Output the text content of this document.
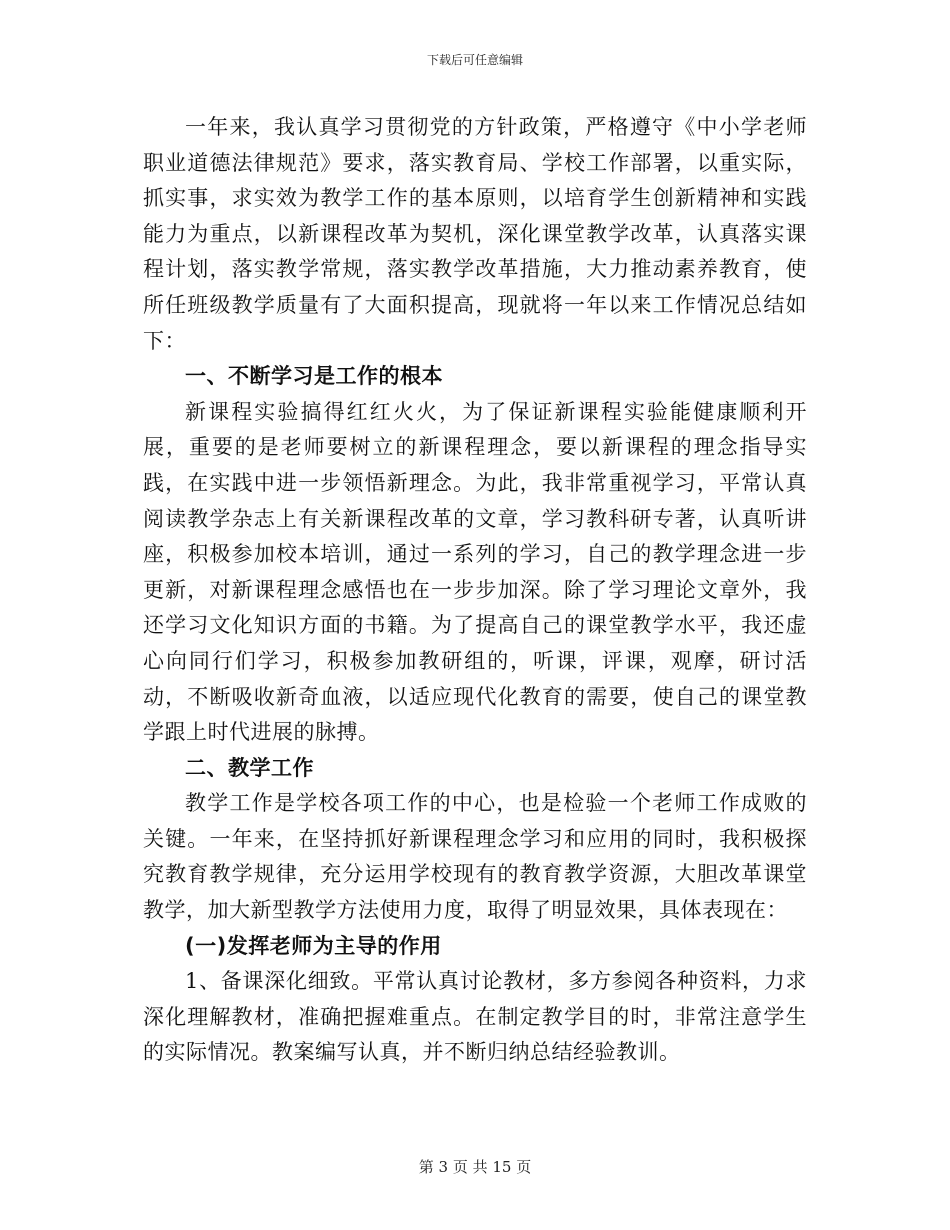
下载后可任意编辑

一年来，我认真学习贯彻党的方针政策，严格遵守《中小学老师职业道德法律规范》要求，落实教育局、学校工作部署，以重实际，抓实事，求实效为教学工作的基本原则，以培育学生创新精神和实践能力为重点，以新课程改革为契机，深化课堂教学改革，认真落实课程计划，落实教学常规，落实教学改革措施，大力推动素养教育，使所任班级教学质量有了大面积提高，现就将一年以来工作情况总结如下：

一、不断学习是工作的根本

新课程实验搞得红红火火，为了保证新课程实验能健康顺利开展，重要的是老师要树立的新课程理念，要以新课程的理念指导实践，在实践中进一步领悟新理念。为此，我非常重视学习，平常认真阅读教学杂志上有关新课程改革的文章，学习教科研专著，认真听讲座，积极参加校本培训，通过一系列的学习，自己的教学理念进一步更新，对新课程理念感悟也在一步步加深。除了学习理论文章外，我还学习文化知识方面的书籍。为了提高自己的课堂教学水平，我还虚心向同行们学习，积极参加教研组的，听课，评课，观摩，研讨活动，不断吸收新奇血液，以适应现代化教育的需要，使自己的课堂教学跟上时代进展的脉搏。

二、教学工作

教学工作是学校各项工作的中心，也是检验一个老师工作成败的关键。一年来，在坚持抓好新课程理念学习和应用的同时，我积极探究教育教学规律，充分运用学校现有的教育教学资源，大胆改革课堂教学，加大新型教学方法使用力度，取得了明显效果，具体表现在：

(一)发挥老师为主导的作用

1、备课深化细致。平常认真讨论教材，多方参阅各种资料，力求深化理解教材，准确把握难重点。在制定教学目的时，非常注意学生的实际情况。教案编写认真，并不断归纳总结经验教训。

第 3 页 共 15 页
